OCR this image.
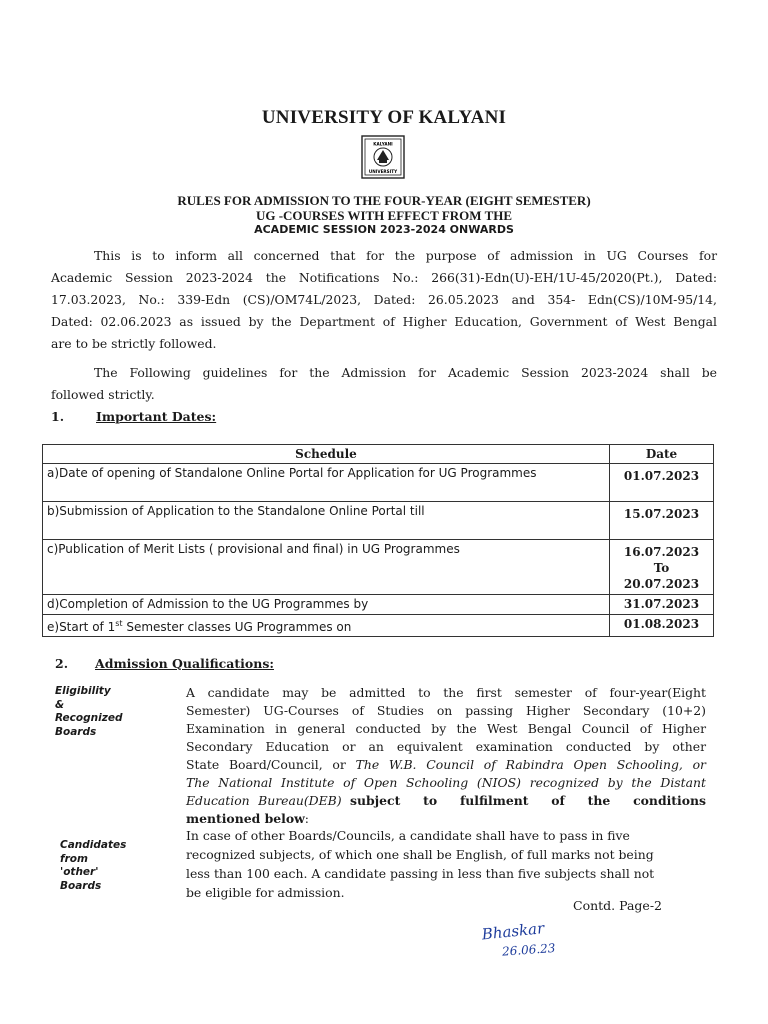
UNIVERSITY OF KALYANI
KALYANI
UNIVERSITY
RULES FOR ADMISSION TO THE FOUR-YEAR (EIGHT SEMESTER)
UG -COURSES WITH EFFECT FROM THE
ACADEMIC SESSION 2023-2024 ONWARDS
This is to inform all concerned that for the purpose of admission in UG Courses for
Academic Session 2023-2024 the Notifications No.: 266(31)-Edn(U)-EH/1U-45/2020(Pt.), Dated:
17.03.2023, No.: 339-Edn (CS)/OM74L/2023, Dated: 26.05.2023 and 354- Edn(CS)/10M-95/14,
Dated: 02.06.2023 as issued by the Department of Higher Education, Government of West Bengal
are to be strictly followed.
The Following guidelines for the Admission for Academic Session 2023-2024 shall be
followed strictly.
1.	Important Dates:
Schedule	Date
a)Date of opening of Standalone Online Portal for Application for UG Programmes	01.07.2023
b)Submission of Application to the Standalone Online Portal till	15.07.2023
c)Publication of Merit Lists ( provisional and final) in UG Programmes	16.07.2023
To
20.07.2023

d)Completion of Admission to the UG Programmes by	31.07.2023
e)Start of 1st Semester classes UG Programmes on	01.08.2023
2. Admission Qualifications:
Eligibility
&
Recognized
Boards
A candidate may be admitted to the first semester of four-year(Eight
Semester) UG-Courses of Studies on passing Higher Secondary (10+2)
Examination in general conducted by the West Bengal Council of Higher
Secondary Education or an equivalent examination conducted by other
State Board/Council, or The W.B. Council of Rabindra Open Schooling, or
The National Institute of Open Schooling (NIOS) recognized by the Distant
Education Bureau(DEB) subject to fulfilment of the conditions
mentioned below:
Candidates
from
'other'
Boards
In case of other Boards/Councils, a candidate shall have to pass in five
recognized subjects, of which one shall be English, of full marks not being
less than 100 each. A candidate passing in less than five subjects shall not
be eligible for admission.
Contd. Page-2
Bhaskar
26.06.23
